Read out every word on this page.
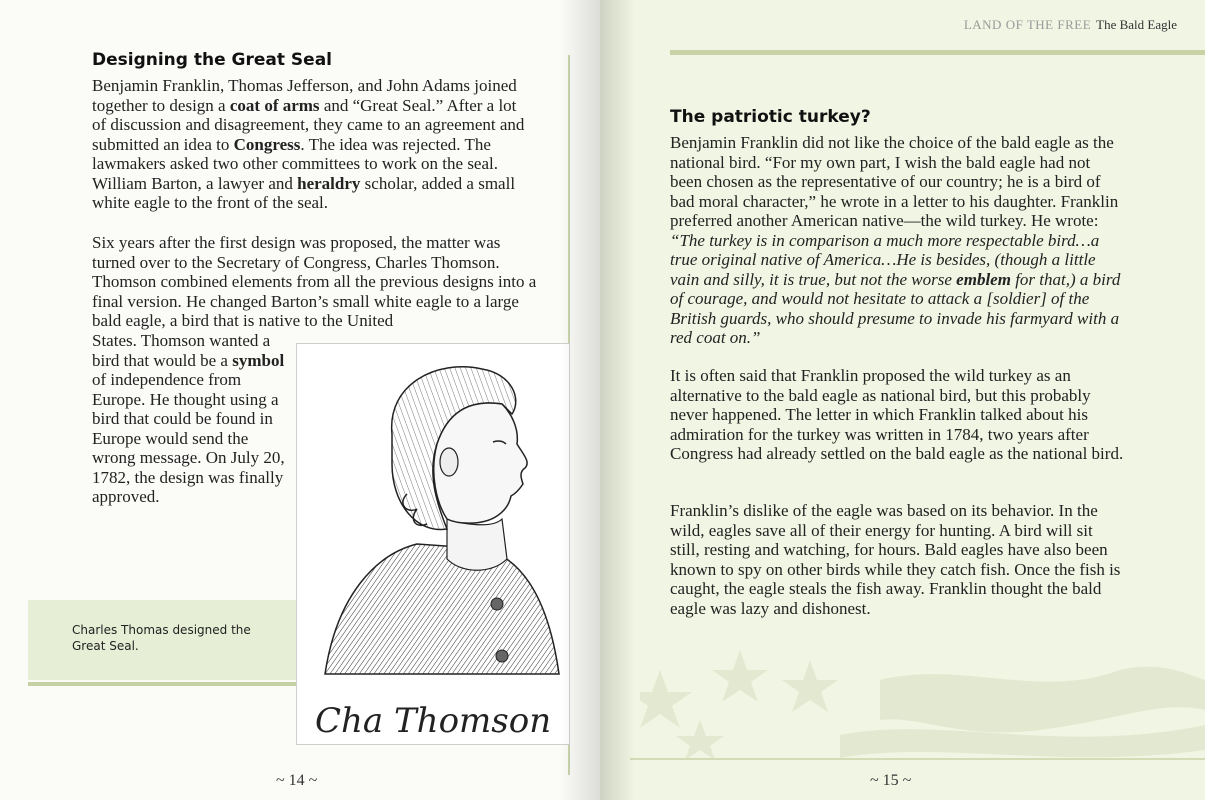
Designing the Great Seal

Benjamin Franklin, Thomas Jefferson, and John Adams joined together to design a coat of arms and “Great Seal.” After a lot of discussion and disagreement, they came to an agreement and submitted an idea to Congress. The idea was rejected. The lawmakers asked two other committees to work on the seal. William Barton, a lawyer and heraldry scholar, added a small white eagle to the front of the seal.

Six years after the first design was proposed, the matter was turned over to the Secretary of Congress, Charles Thomson. Thomson combined elements from all the previous designs into a final version. He changed Barton’s small white eagle to a large bald eagle, a bird that is native to the United

States. Thomson wanted a bird that would be a symbol of independence from Europe. He thought using a bird that could be found in Europe would send the wrong message. On July 20, 1782, the design was finally approved.

Charles Thomas designed the Great Seal.
Cha Thomson
~ 14 ~
LAND OF THE FREE The Bald Eagle
The patriotic turkey?

Benjamin Franklin did not like the choice of the bald eagle as the national bird. “For my own part, I wish the bald eagle had not been chosen as the representative of our country; he is a bird of bad moral character,” he wrote in a letter to his daughter. Franklin preferred another American native—the wild turkey. He wrote: “The turkey is in comparison a much more respectable bird…a true original native of America…He is besides, (though a little vain and silly, it is true, but not the worse emblem for that,) a bird of courage, and would not hesitate to attack a [soldier] of the British guards, who should presume to invade his farmyard with a red coat on.”

It is often said that Franklin proposed the wild turkey as an alternative to the bald eagle as national bird, but this probably never happened. The letter in which Franklin talked about his admiration for the turkey was written in 1784, two years after Congress had already settled on the bald eagle as the national bird.

Franklin’s dislike of the eagle was based on its behavior. In the wild, eagles save all of their energy for hunting. A bird will sit still, resting and watching, for hours. Bald eagles have also been known to spy on other birds while they catch fish. Once the fish is caught, the eagle steals the fish away. Franklin thought the bald eagle was lazy and dishonest.

~ 15 ~
